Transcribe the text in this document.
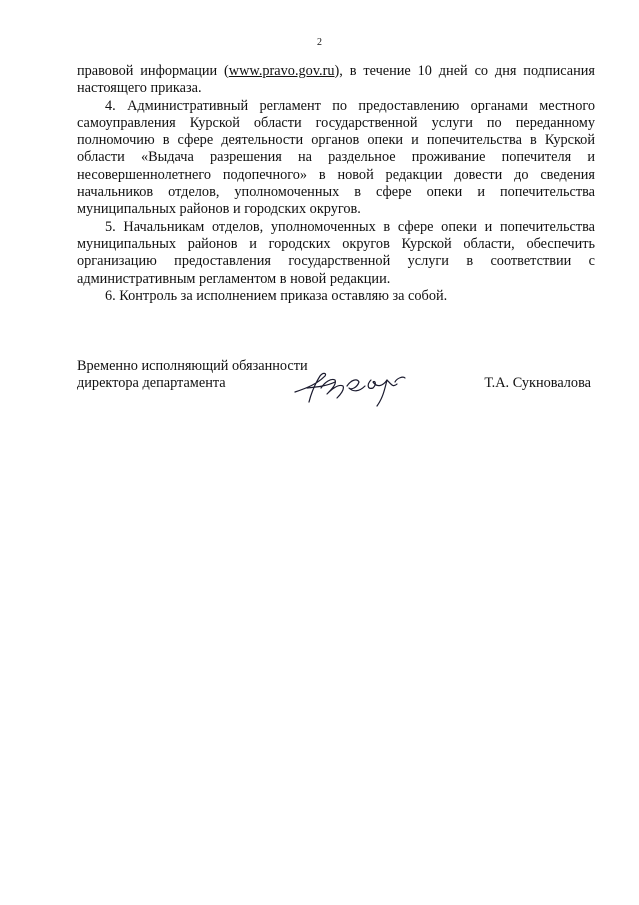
2

правовой информации (www.pravo.gov.ru), в течение 10 дней со дня подписания настоящего приказа.

4. Административный регламент по предоставлению органами местного самоуправления Курской области государственной услуги по переданному полномочию в сфере деятельности органов опеки и попечительства в Курской области «Выдача разрешения на раздельное проживание попечителя и несовершеннолетнего подопечного» в новой редакции довести до сведения начальников отделов, уполномоченных в сфере опеки и попечительства муниципальных районов и городских округов.

5. Начальникам отделов, уполномоченных в сфере опеки и попечительства муниципальных районов и городских округов Курской области, обеспечить организацию предоставления государственной услуги в соответствии с административным регламентом в новой редакции.

6. Контроль за исполнением приказа оставляю за собой.

Временно исполняющий обязанности
директора департамента	Т.А. Сукновалова
